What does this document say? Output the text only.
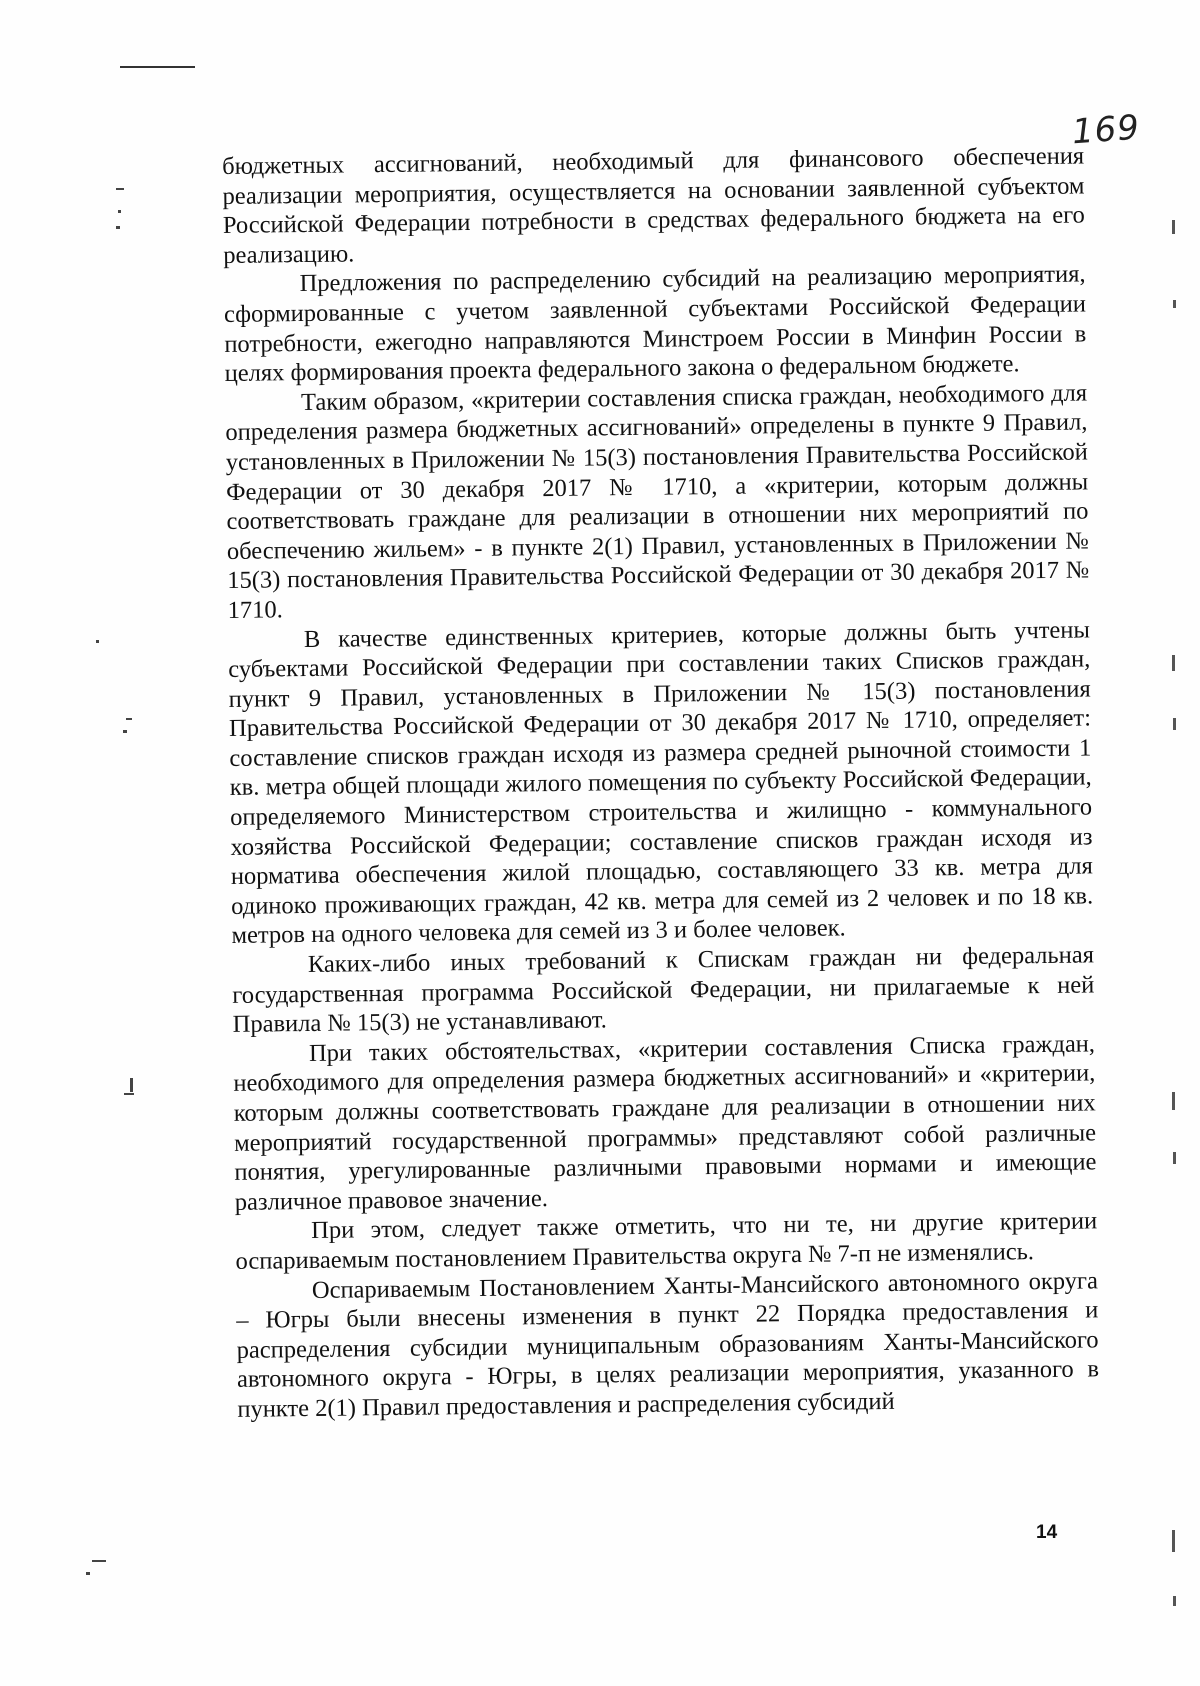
169

бюджетных ассигнований, необходимый для финансового обеспечения реализации мероприятия, осуществляется на основании заявленной субъектом Российской Федерации потребности в средствах федерального бюджета на его реализацию.

Предложения по распределению субсидий на реализацию мероприятия, сформированные с учетом заявленной субъектами Российской Федерации потребности, ежегодно направляются Минстроем России в Минфин России в целях формирования проекта федерального закона о федеральном бюджете.

Таким образом, «критерии составления списка граждан, необходимого для определения размера бюджетных ассигнований» определены в пункте 9 Правил, установленных в Приложении № 15(3) постановления Правительства Российской Федерации от 30 декабря 2017 № 1710, а «критерии, которым должны соответствовать граждане для реализации в отношении них мероприятий по обеспечению жильем» - в пункте 2(1) Правил, установленных в Приложении № 15(3) постановления Правительства Российской Федерации от 30 декабря 2017 № 1710.

В качестве единственных критериев, которые должны быть учтены субъектами Российской Федерации при составлении таких Списков граждан, пункт 9 Правил, установленных в Приложении № 15(3) постановления Правительства Российской Федерации от 30 декабря 2017 № 1710, определяет: составление списков граждан исходя из размера средней рыночной стоимости 1 кв. метра общей площади жилого помещения по субъекту Российской Федерации, определяемого Министерством строительства и жилищно - коммунального хозяйства Российской Федерации; составление списков граждан исходя из норматива обеспечения жилой площадью, составляющего 33 кв. метра для одиноко проживающих граждан, 42 кв. метра для семей из 2 человек и по 18 кв. метров на одного человека для семей из 3 и более человек.

Каких-либо иных требований к Спискам граждан ни федеральная государственная программа Российской Федерации, ни прилагаемые к ней Правила № 15(3) не устанавливают.

При таких обстоятельствах, «критерии составления Списка граждан, необходимого для определения размера бюджетных ассигнований» и «критерии, которым должны соответствовать граждане для реализации в отношении них мероприятий государственной программы» представляют собой различные понятия, урегулированные различными правовыми нормами и имеющие различное правовое значение.

При этом, следует также отметить, что ни те, ни другие критерии оспариваемым постановлением Правительства округа № 7-п не изменялись.

Оспариваемым Постановлением Ханты-Мансийского автономного округа – Югры были внесены изменения в пункт 22 Порядка предоставления и распределения субсидии муниципальным образованиям Ханты-Мансийского автономного округа - Югры, в целях реализации мероприятия, указанного в пункте 2(1) Правил предоставления и распределения субсидий

14
